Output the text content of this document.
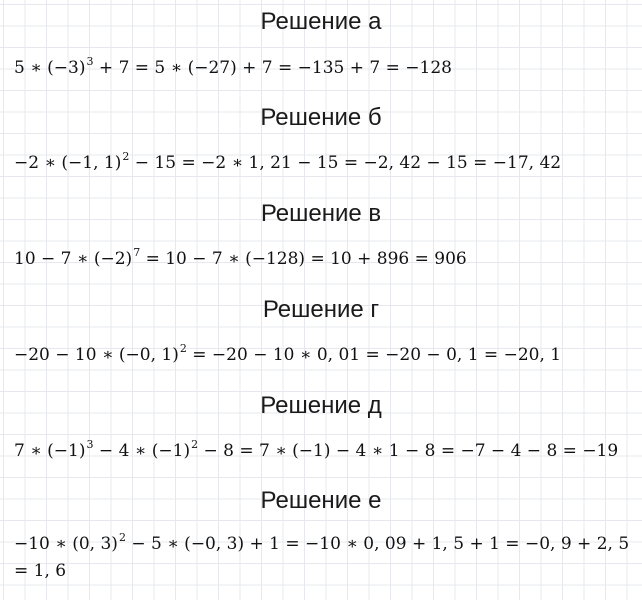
Решение а
5 ∗ $(-3)^3 + 7 = 5$ ∗ (−27) + 7 = −135 + 7 = −128
Решение б
−2 ∗ (−1, 1)$^2$ − 15 = −2 ∗ 1, 21 − 15 = −2, 42 − 15 = −17, 42
Решение в
10 − 7 ∗ $(-2)^7 = 10 - 7$ ∗ (−128) = 10 + 896 = 906
Решение г
−20 − 10 ∗ (−0, 1)$^2$ = −20 − 10 ∗ 0, 01 = −20 − 0, 1 = −20, 1
Решение д
7 ∗ $(-1)^3 - 4$ ∗ $(-1)^2 - 8 = 7$ ∗ (−1) − 4 ∗ 1 − 8 = −7 − 4 − 8 = −19
Решение е
−10 ∗ (0, 3)$^2$ − 5 ∗ (−0, 3) + 1 = −10 ∗ 0, 09 + 1, 5 + 1 = −0, 9 + 2, 5
= 1, 6
